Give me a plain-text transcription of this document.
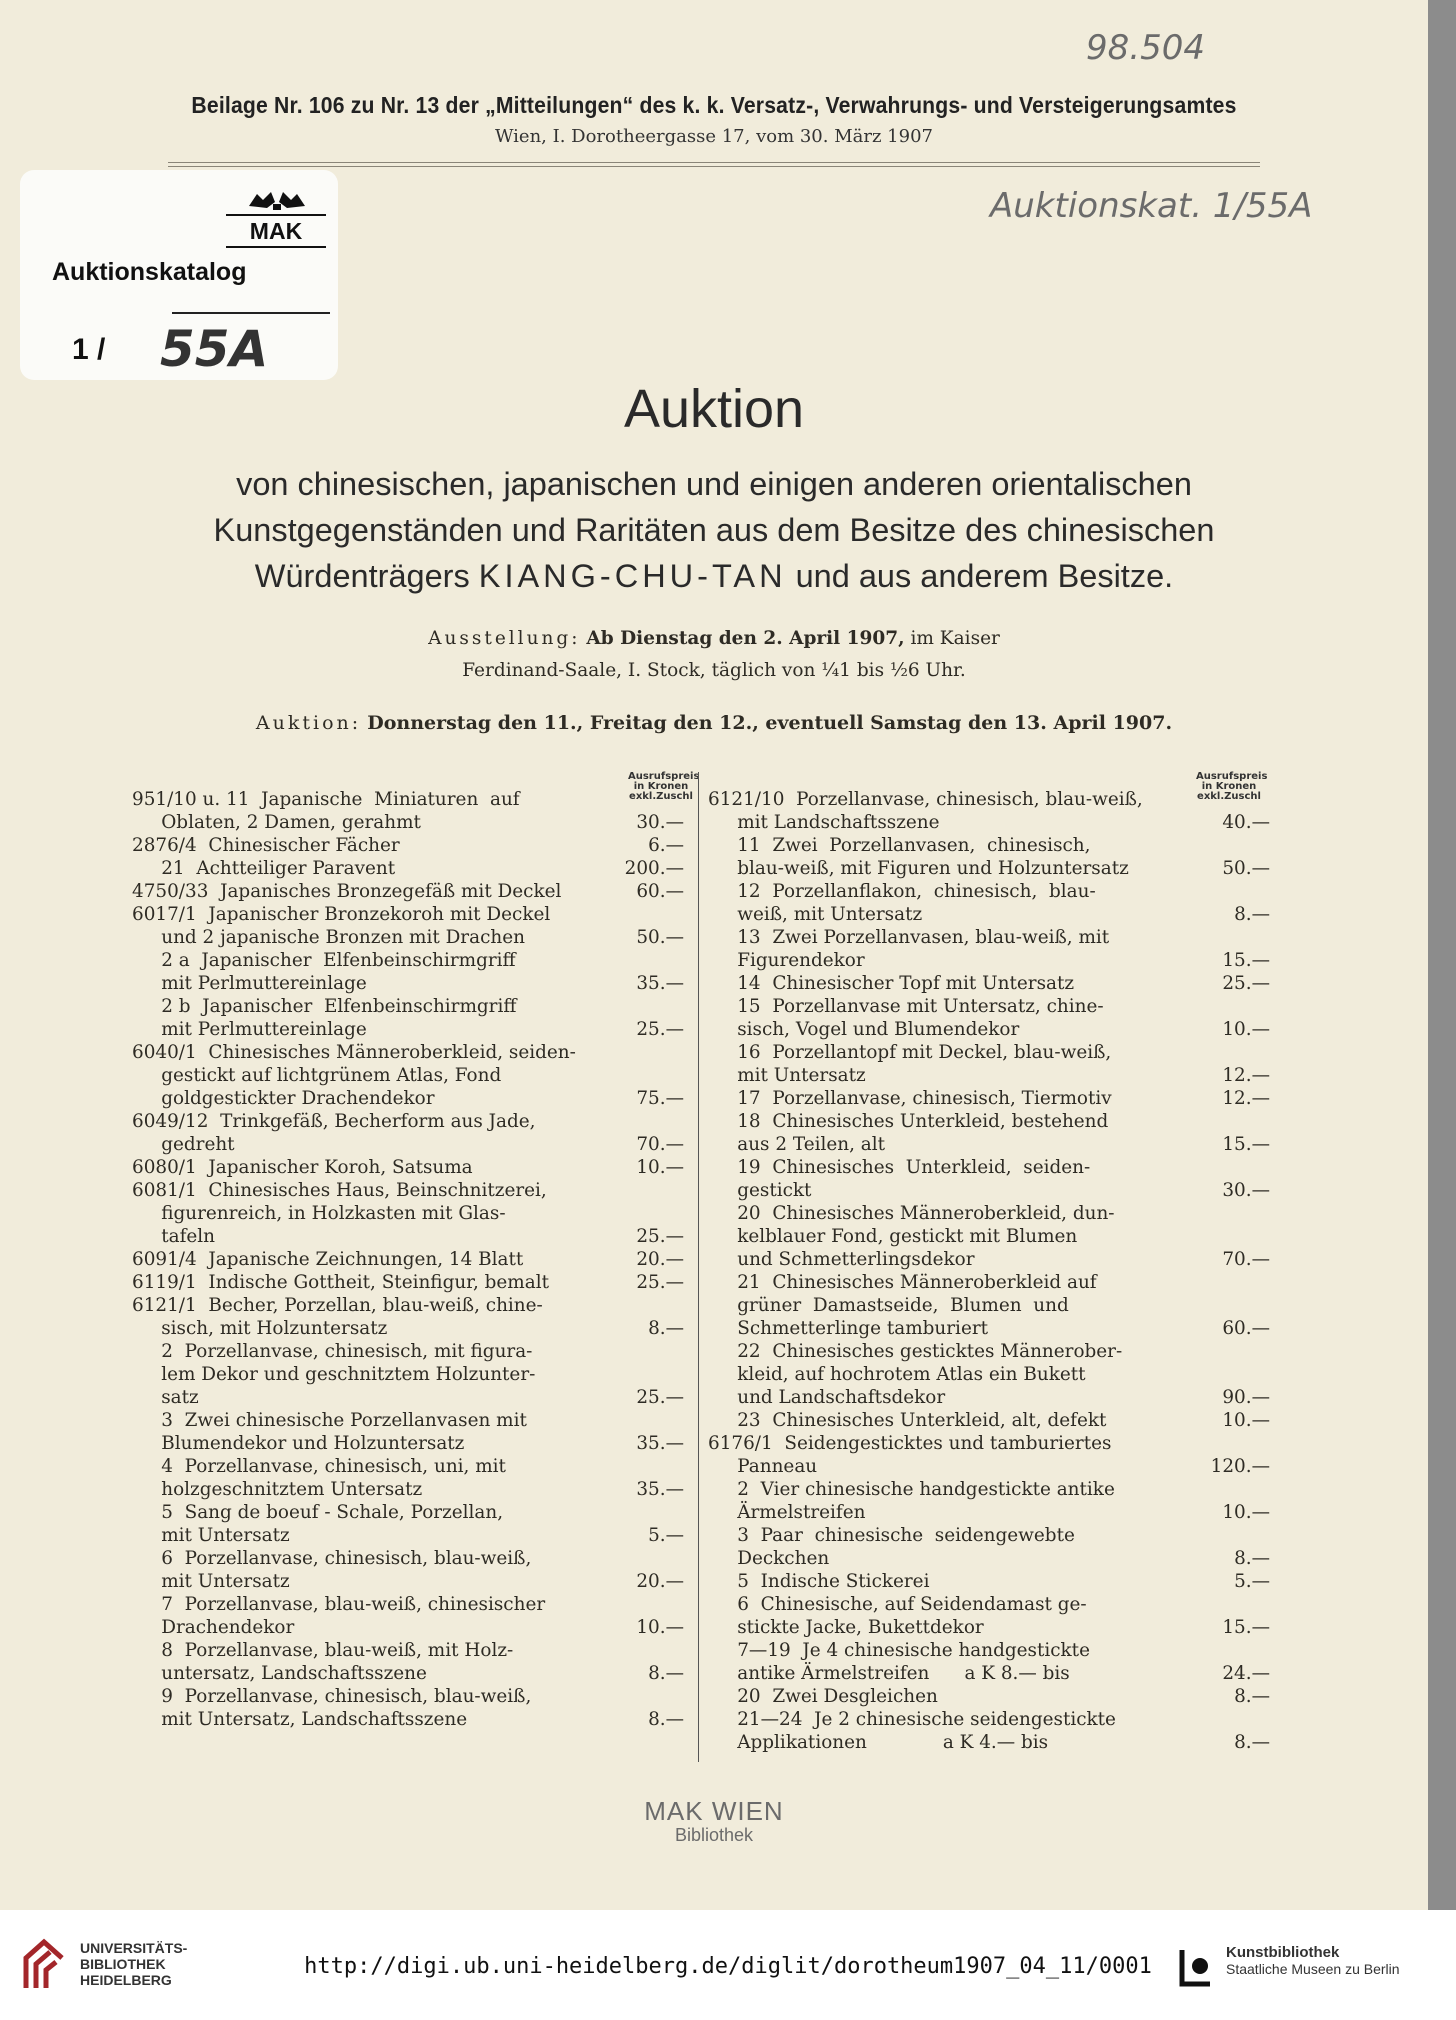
98.504
Beilage Nr. 106 zu Nr. 13 der „Mitteilungen“ des k. k. Versatz-, Verwahrungs- und Versteigerungsamtes
Wien, I. Dorotheergasse 17, vom 30. März 1907
Auktionskat. 1/55A
MAK
Auktionskatalog
1 / 55A
Auktion
von chinesischen, japanischen und einigen anderen orientalischen
Kunstgegenständen und Raritäten aus dem Besitze des chinesischen
Würdenträgers KIANG-CHU-TAN und aus anderem Besitze.
Ausstellung: Ab Dienstag den 2. April 1907, im Kaiser
Ferdinand-Saale, I. Stock, täglich von ¼1 bis ½6 Uhr.
Auktion: Donnerstag den 11., Freitag den 12., eventuell Samstag den 13. April 1907.
Ausrufspreis
in Kronen
exkl.Zuschl
Ausrufspreis
in Kronen
exkl.Zuschl
951/10 u. 11  Japanische  Miniaturen  auf
Oblaten, 2 Damen, gerahmt	30.—
2876/4  Chinesischer Fächer	6.—
21  Achtteiliger Paravent	200.—
4750/33  Japanisches Bronzegefäß mit Deckel	60.—
6017/1  Japanischer Bronzekoroh mit Deckel
und 2 japanische Bronzen mit Drachen	50.—
2 a  Japanischer  Elfenbeinschirmgriff
mit Perlmuttereinlage	35.—
2 b  Japanischer  Elfenbeinschirmgriff
mit Perlmuttereinlage	25.—
6040/1  Chinesisches Männeroberkleid, seiden-
gestickt auf lichtgrünem Atlas, Fond
goldgestickter Drachendekor	75.—
6049/12  Trinkgefäß, Becherform aus Jade,
gedreht	70.—
6080/1  Japanischer Koroh, Satsuma	10.—
6081/1  Chinesisches Haus, Beinschnitzerei,
figurenreich, in Holzkasten mit Glas-
tafeln	25.—
6091/4  Japanische Zeichnungen, 14 Blatt	20.—
6119/1  Indische Gottheit, Steinfigur, bemalt	25.—
6121/1  Becher, Porzellan, blau-weiß, chine-
sisch, mit Holzuntersatz	8.—
2  Porzellanvase, chinesisch, mit figura-
lem Dekor und geschnitztem Holzunter-
satz	25.—
3  Zwei chinesische Porzellanvasen mit
Blumendekor und Holzuntersatz	35.—
4  Porzellanvase, chinesisch, uni, mit
holzgeschnitztem Untersatz	35.—
5  Sang de boeuf - Schale, Porzellan,
mit Untersatz	5.—
6  Porzellanvase, chinesisch, blau-weiß,
mit Untersatz	20.—
7  Porzellanvase, blau-weiß, chinesischer
Drachendekor	10.—
8  Porzellanvase, blau-weiß, mit Holz-
untersatz, Landschaftsszene	8.—
9  Porzellanvase, chinesisch, blau-weiß,
mit Untersatz, Landschaftsszene	8.—
6121/10  Porzellanvase, chinesisch, blau-weiß,
mit Landschaftsszene	40.—
11  Zwei  Porzellanvasen,  chinesisch,
blau-weiß, mit Figuren und Holzuntersatz	50.—
12  Porzellanflakon,  chinesisch,  blau-
weiß, mit Untersatz	8.—
13  Zwei Porzellanvasen, blau-weiß, mit
Figurendekor	15.—
14  Chinesischer Topf mit Untersatz	25.—
15  Porzellanvase mit Untersatz, chine-
sisch, Vogel und Blumendekor	10.—
16  Porzellantopf mit Deckel, blau-weiß,
mit Untersatz	12.—
17  Porzellanvase, chinesisch, Tiermotiv	12.—
18  Chinesisches Unterkleid, bestehend
aus 2 Teilen, alt	15.—
19  Chinesisches  Unterkleid,  seiden-
gestickt	30.—
20  Chinesisches Männeroberkleid, dun-
kelblauer Fond, gestickt mit Blumen
und Schmetterlingsdekor	70.—
21  Chinesisches Männeroberkleid auf
grüner  Damastseide,  Blumen  und
Schmetterlinge tamburiert	60.—
22  Chinesisches gesticktes Männerober-
kleid, auf hochrotem Atlas ein Bukett
und Landschaftsdekor	90.—
23  Chinesisches Unterkleid, alt, defekt	10.—
6176/1  Seidengesticktes und tamburiertes
Panneau	120.—
2  Vier chinesische handgestickte antike
Ärmelstreifen	10.—
3  Paar  chinesische  seidengewebte
Deckchen	8.—
5  Indische Stickerei	5.—
6  Chinesische, auf Seidendamast ge-
stickte Jacke, Bukettdekor	15.—
7—19  Je 4 chinesische handgestickte
antike Ärmelstreifen      a K 8.— bis	24.—
20  Zwei Desgleichen	8.—
21—24  Je 2 chinesische seidengestickte
Applikationen             a K 4.— bis	8.—
MAK WIEN
Bibliothek
UNIVERSITÄTS-
BIBLIOTHEK
HEIDELBERG
http://digi.ub.uni-heidelberg.de/diglit/dorotheum1907_04_11/0001
Kunstbibliothek
Staatliche Museen zu Berlin
